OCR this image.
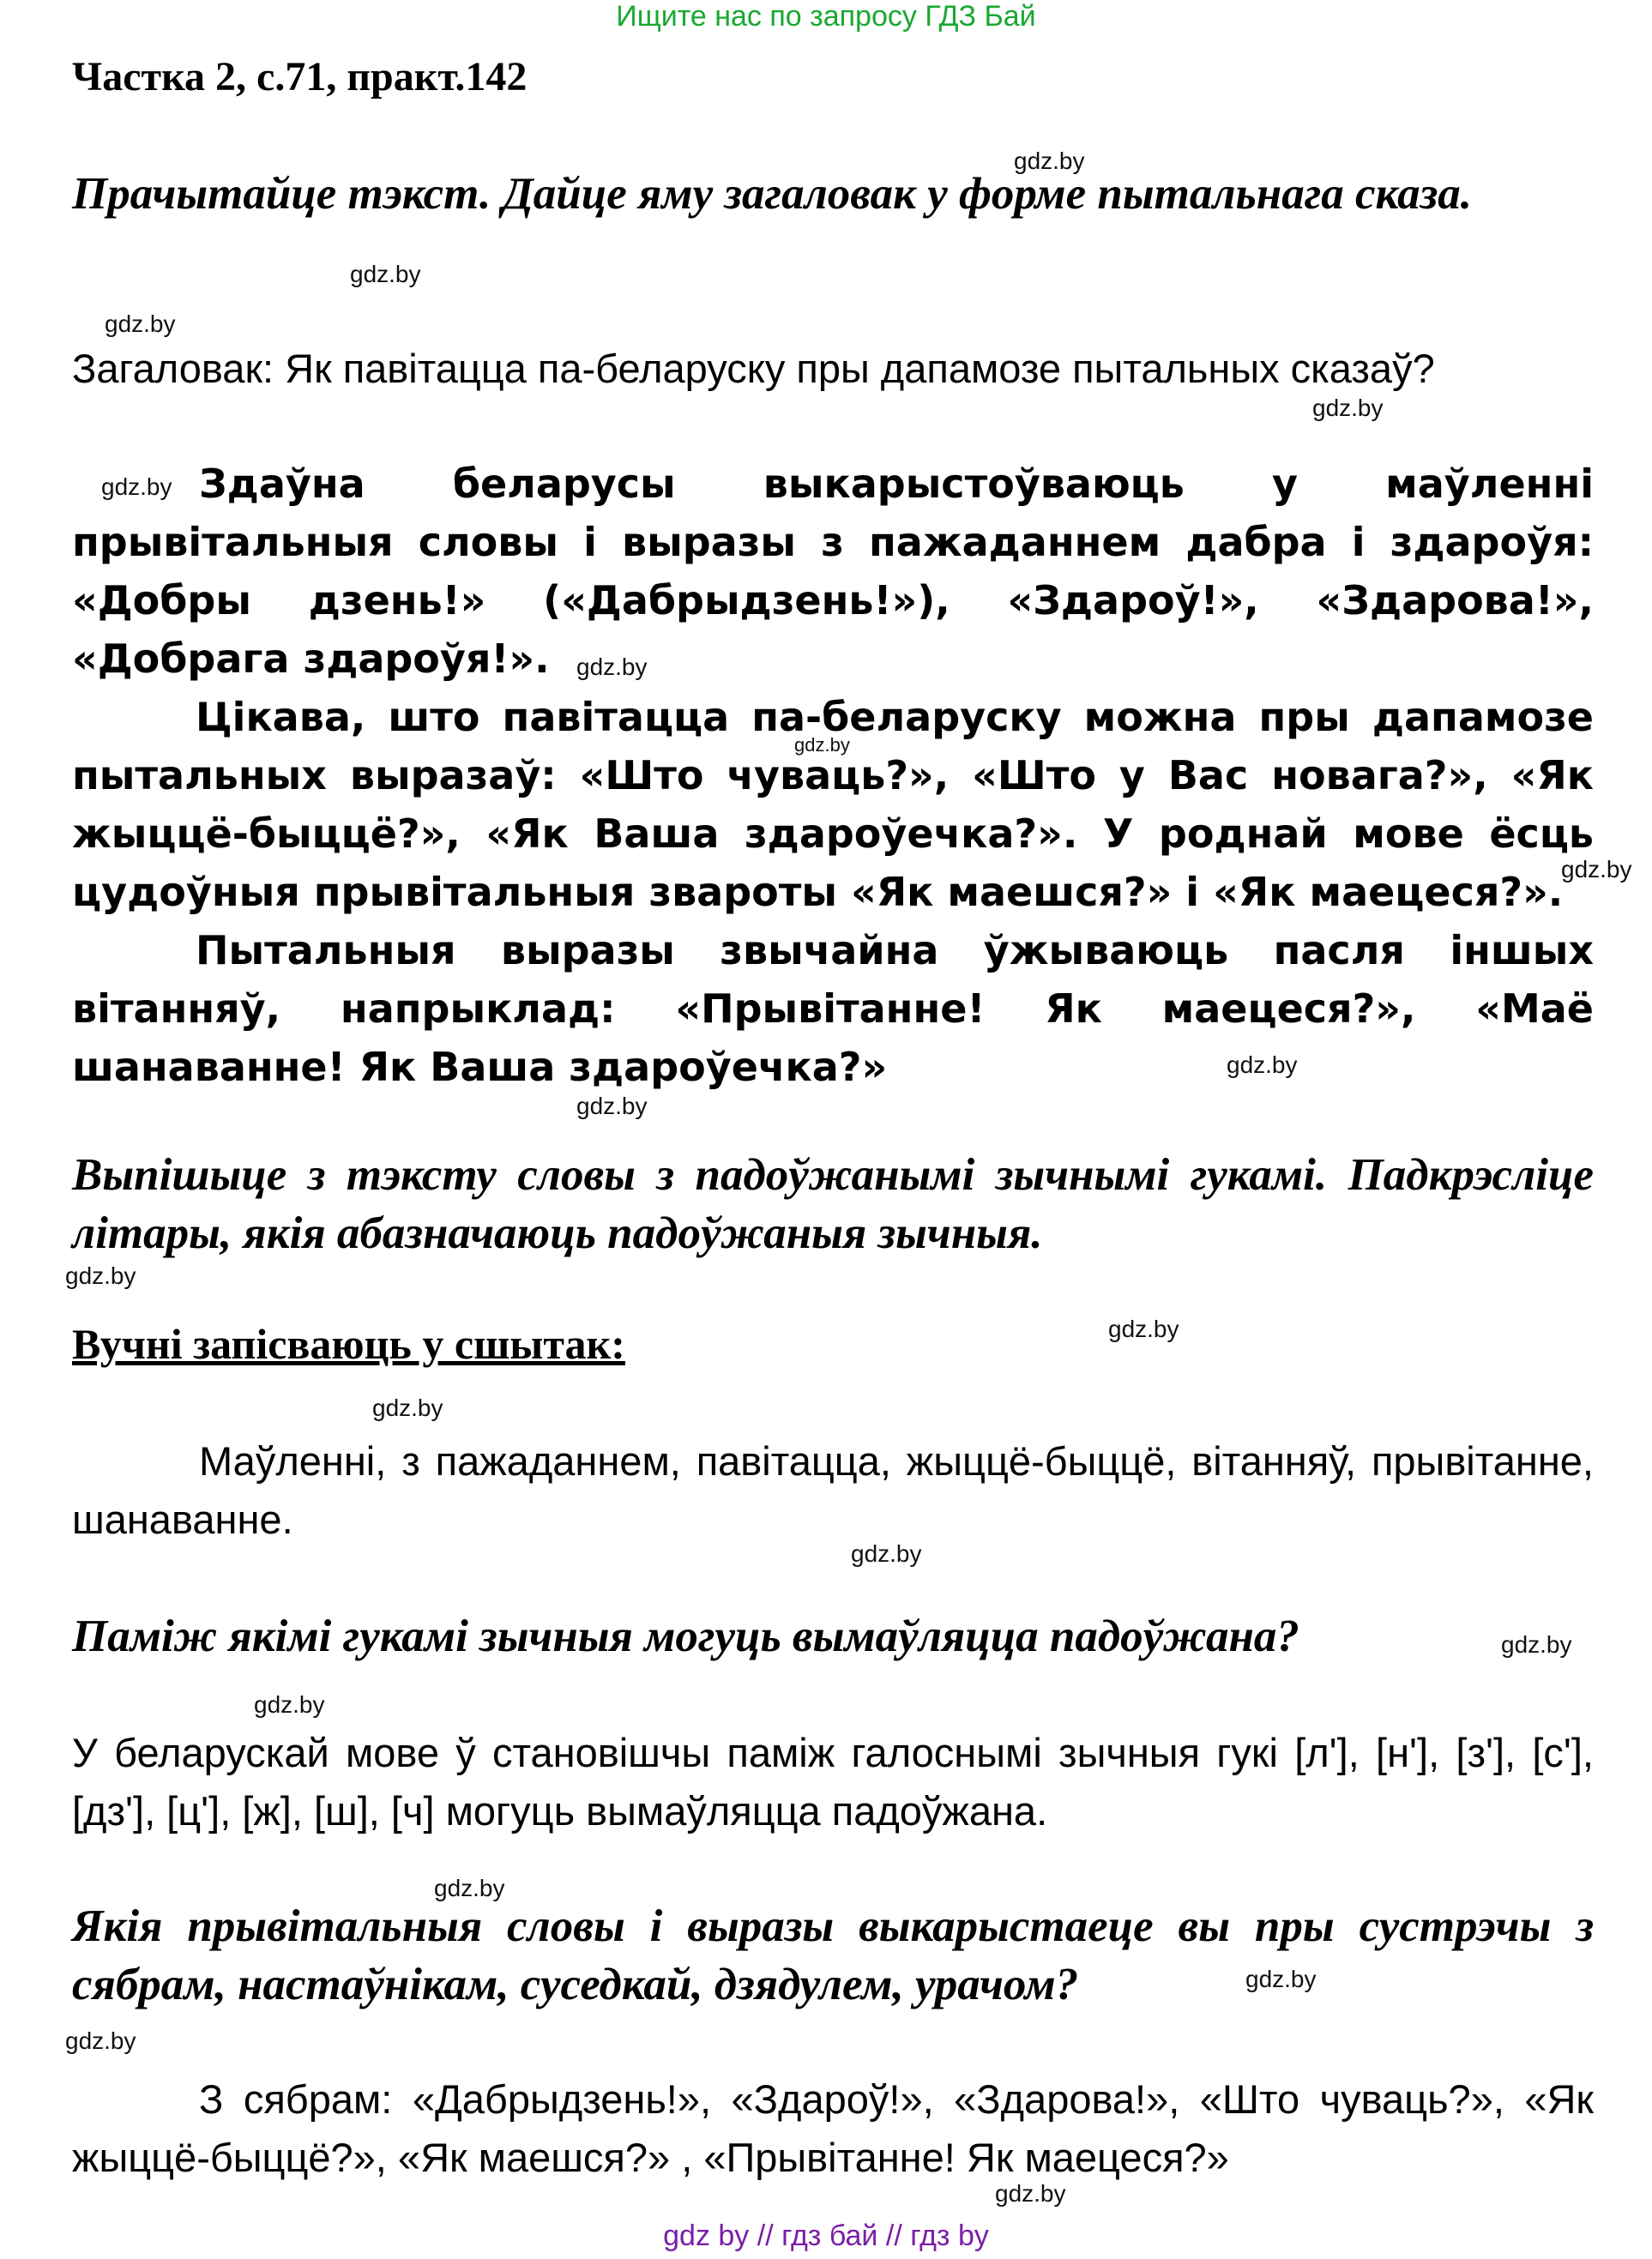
Ищите нас по запросу ГДЗ Бай
Частка 2, с.71, практ.142
gdz.by
gdz.by
gdz.by
gdz.by
gdz.by
gdz.by
gdz.by
gdz.by
gdz.by
gdz.by
gdz.by
gdz.by
gdz.by
gdz.by
gdz.by
gdz.by
gdz.by
gdz.by
gdz.by
gdz.by
Прачытайце тэкст. Дайце яму загаловак у форме пытальнага сказа.
Загаловак: Як павітацца па-беларуску пры дапамозе пытальных сказаў?

Здаўна беларусы выкарыстоўваюць у маўленні прывітальныя словы і выразы з пажаданнем дабра і здароўя: «Добры дзень!» («Дабрыдзень!»), «Здароў!», «Здарова!», «Добрага здароўя!».

Цікава, што павітацца па-беларуску можна пры дапамозе пытальных выразаў: «Што чуваць?», «Што у Вас новага?», «Як жыццё-быццё?», «Як Ваша здароўечка?». У роднай мове ёсць цудоўныя прывітальныя звароты «Як маешся?» і «Як маецеся?».

Пытальныя выразы звычайна ўжываюць пасля іншых вітанняў, напрыклад: «Прывітанне! Як маецеся?», «Маё шанаванне! Як Ваша здароўечка?»

Выпішыце з тэксту словы з падоўжанымі зычнымі гукамі. Падкрэсліце літары, якія абазначаюць падоўжаныя зычныя.
Вучні запісваюць у сшытак:
Маўленні, з пажаданнем, павітацца, жыццё-быццё, вітанняў, прывітанне, шанаванне.
Паміж якімі гукамі зычныя могуць вымаўляцца падоўжана?
У беларускай мове ў становішчы паміж галоснымі зычныя гукі [л'], [н'], [з'], [с'], [дз'], [ц'], [ж], [ш], [ч] могуць вымаўляцца падоўжана.
Якія прывітальныя словы і выразы выкарыстаеце вы пры сустрэчы з сябрам, настаўнікам, суседкай, дзядулем, урачом?
З сябрам: «Дабрыдзень!», «Здароў!», «Здарова!», «Што чуваць?», «Як жыццё-быццё?», «Як маешся?» , «Прывітанне! Як маецеся?»
gdz by // гдз бай // гдз by
